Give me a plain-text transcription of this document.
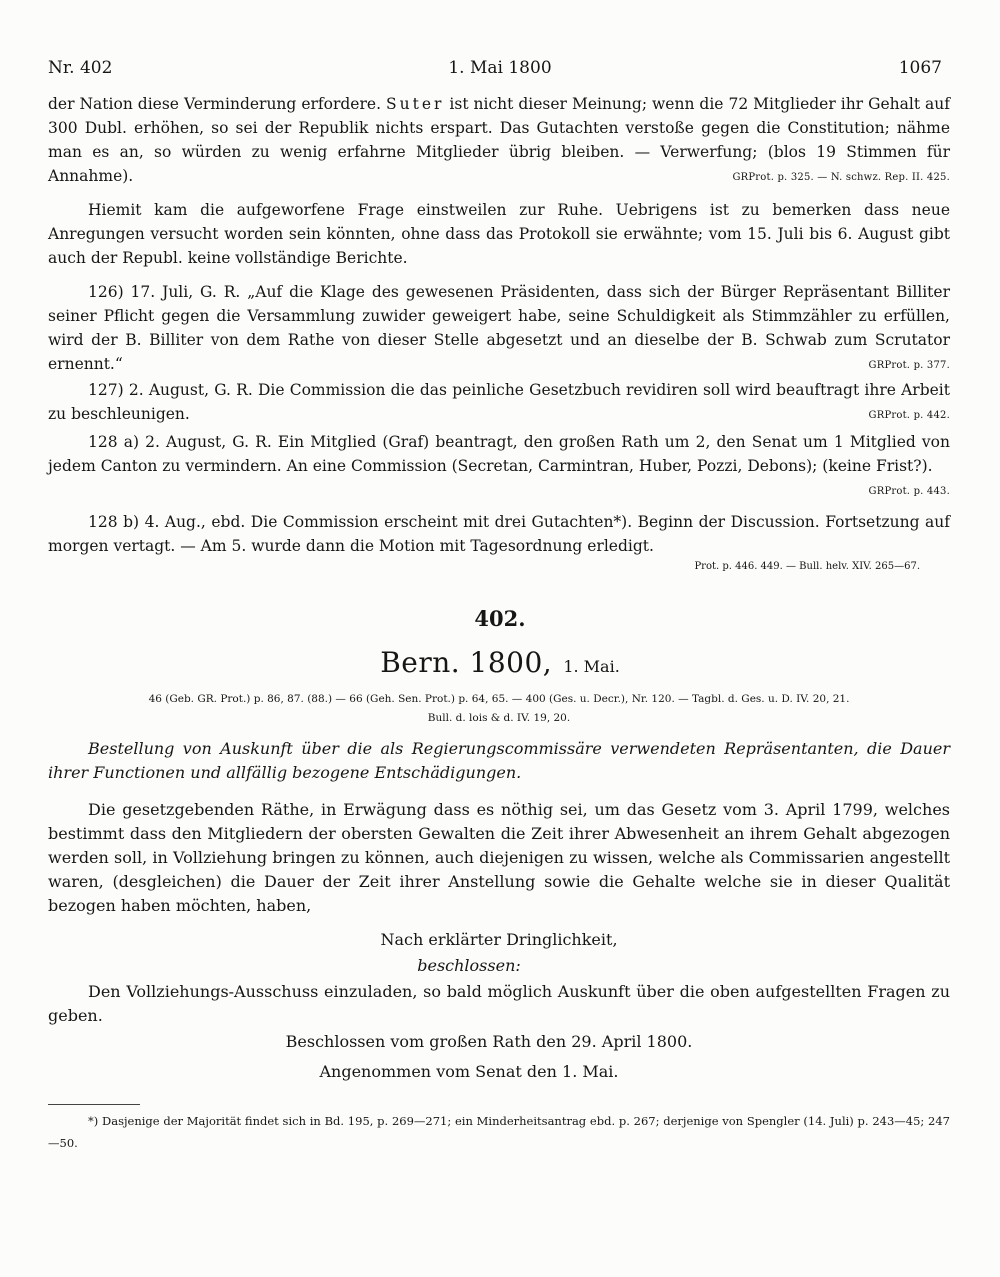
Nr. 402	1. Mai 1800	1067

der Nation diese Verminderung erfordere. Suter ist nicht dieser Meinung; wenn die 72 Mitglieder ihr Gehalt auf 300 Dubl. erhöhen, so sei der Republik nichts erspart. Das Gutachten verstoße gegen die Constitution; nähme man es an, so würden zu wenig erfahrne Mitglieder übrig bleiben. — Verwerfung; (blos 19 Stimmen für Annahme).	GRProt. p. 325. — N. schwz. Rep. II. 425.

Hiemit kam die aufgeworfene Frage einstweilen zur Ruhe. Uebrigens ist zu bemerken dass neue Anregungen versucht worden sein könnten, ohne dass das Protokoll sie erwähnte; vom 15. Juli bis 6. August gibt auch der Republ. keine vollständige Berichte.

126) 17. Juli, G. R. „Auf die Klage des gewesenen Präsidenten, dass sich der Bürger Repräsentant Billiter seiner Pflicht gegen die Versammlung zuwider geweigert habe, seine Schuldigkeit als Stimmzähler zu erfüllen, wird der B. Billiter von dem Rathe von dieser Stelle abgesetzt und an dieselbe der B. Schwab zum Scrutator ernennt.“	GRProt. p. 377.

127) 2. August, G. R. Die Commission die das peinliche Gesetzbuch revidiren soll wird beauftragt ihre Arbeit zu beschleunigen.	GRProt. p. 442.

128 a) 2. August, G. R. Ein Mitglied (Graf) beantragt, den großen Rath um 2, den Senat um 1 Mitglied von jedem Canton zu vermindern. An eine Commission (Secretan, Carmintran, Huber, Pozzi, Debons); (keine Frist?).
GRProt. p. 443.

128 b) 4. Aug., ebd. Die Commission erscheint mit drei Gutachten*). Beginn der Discussion. Fortsetzung auf morgen vertagt. — Am 5. wurde dann die Motion mit Tagesordnung erledigt.

Prot. p. 446. 449. — Bull. helv. XIV. 265—67.
402.
Bern. 1800, 1. Mai.
46 (Geb. GR. Prot.) p. 86, 87. (88.) — 66 (Geh. Sen. Prot.) p. 64, 65. — 400 (Ges. u. Decr.), Nr. 120. — Tagbl. d. Ges. u. D. IV. 20, 21.
Bull. d. lois & d. IV. 19, 20.
Bestellung von Auskunft über die als Regierungscommissäre verwendeten Repräsentanten, die Dauer ihrer Functionen und allfällig bezogene Entschädigungen.

Die gesetzgebenden Räthe, in Erwägung dass es nöthig sei, um das Gesetz vom 3. April 1799, welches bestimmt dass den Mitgliedern der obersten Gewalten die Zeit ihrer Abwesenheit an ihrem Gehalt abgezogen werden soll, in Vollziehung bringen zu können, auch diejenigen zu wissen, welche als Commissarien angestellt waren, (desgleichen) die Dauer der Zeit ihrer Anstellung sowie die Gehalte welche sie in dieser Qualität bezogen haben möchten, haben,

Nach erklärter Dringlichkeit,
beschlossen:

Den Vollziehungs-Ausschuss einzuladen, so bald möglich Auskunft über die oben aufgestellten Fragen zu geben.

Beschlossen vom großen Rath den 29. April 1800.
Angenommen vom Senat den 1. Mai.
*) Dasjenige der Majorität findet sich in Bd. 195, p. 269—271; ein Minderheitsantrag ebd. p. 267; derjenige von Spengler (14. Juli) p. 243—45; 247—50.
